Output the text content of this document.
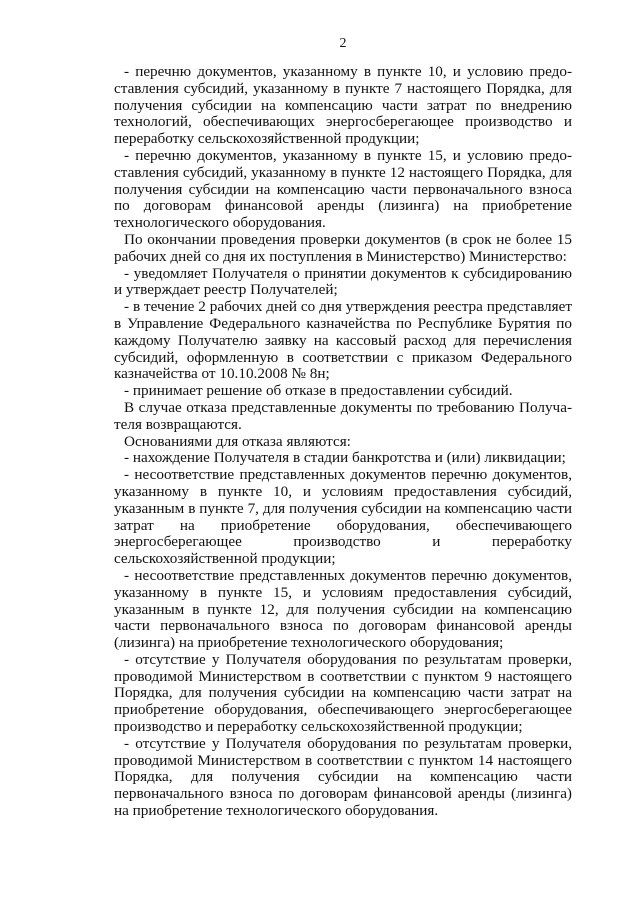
2

- перечню документов, указанному в пункте 10, и условию предоставления субсидий, указанному в пункте 7 настоящего Порядка, для получения субсидии на компенсацию части затрат по внедрению технологий, обеспечивающих энергосберегающее производство и переработку сельскохозяйственной продукции;

- перечню документов, указанному в пункте 15, и условию предоставления субсидий, указанному в пункте 12 настоящего Порядка, для получения субсидии на компенсацию части первоначального взноса по договорам финансовой аренды (лизинга) на приобретение технологического оборудования.

По окончании проведения проверки документов (в срок не более 15 рабочих дней со дня их поступления в Министерство) Министерство:

- уведомляет Получателя о принятии документов к субсидированию и утверждает реестр Получателей;

- в течение 2 рабочих дней со дня утверждения реестра представляет в Управление Федерального казначейства по Республике Бурятия по каждому Получателю заявку на кассовый расход для перечисления субсидий, оформленную в соответствии с приказом Федерального казначейства от 10.10.2008 № 8н;

- принимает решение об отказе в предоставлении субсидий.

В случае отказа представленные документы по требованию Получателя возвращаются.

Основаниями для отказа являются:

- нахождение Получателя в стадии банкротства и (или) ликвидации;

- несоответствие представленных документов перечню документов, указанному в пункте 10, и условиям предоставления субсидий, указанным в пункте 7, для получения субсидии на компенсацию части затрат на приобретение оборудования, обеспечивающего энергосберегающее производство и переработку сельскохозяйственной продукции;

- несоответствие представленных документов перечню документов, указанному в пункте 15, и условиям предоставления субсидий, указанным в пункте 12, для получения субсидии на компенсацию части первоначального взноса по договорам финансовой аренды (лизинга) на приобретение технологического оборудования;

- отсутствие у Получателя оборудования по результатам проверки, проводимой Министерством в соответствии с пунктом 9 настоящего Порядка, для получения субсидии на компенсацию части затрат на приобретение оборудования, обеспечивающего энергосберегающее производство и переработку сельскохозяйственной продукции;

- отсутствие у Получателя оборудования по результатам проверки, проводимой Министерством в соответствии с пунктом 14 настоящего Порядка, для получения субсидии на компенсацию части первоначального взноса по договорам финансовой аренды (лизинга) на приобретение технологического оборудования.
